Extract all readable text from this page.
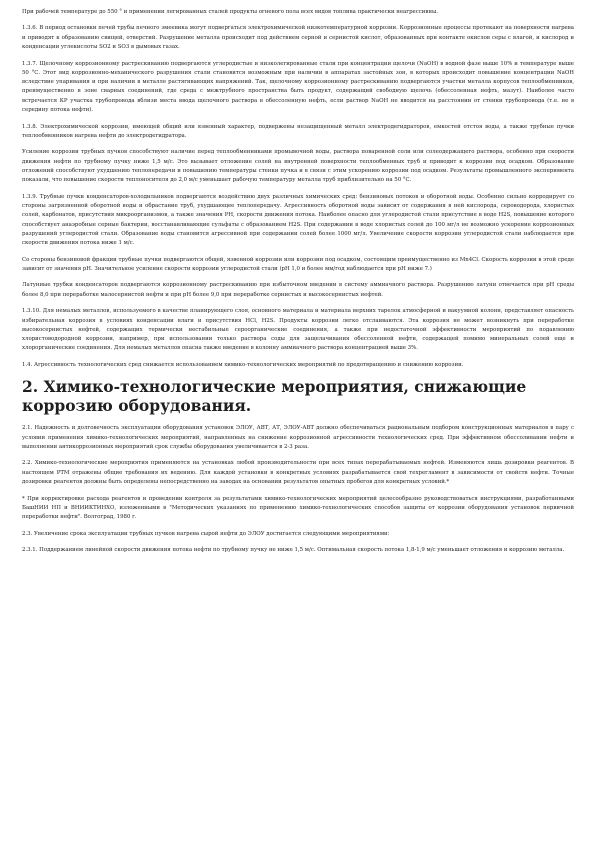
При рабочей температуре до 550 ° и применении легированных сталей продукты огневого пола всех видов топлива практически неагрессивны.

1.3.6. В период остановки печей трубы печного змеевика могут подвергаться электрохимической низкотемпературной коррозии. Коррозионные процессы протекают на поверхности нагрева и приводят к образованию свищей, отверстий. Разрушение металла происходит под действием серной и сернистой кислот, образованных при контакте окислов серы с влагой, и кислород и конденсации углекислоты SO2 и SO3 в дымовых газах.

1.3.7. Щелочному коррозионному растрескиванию подвергаются углеродистые и низколегированные стали при концентрации щелочи (NaOH) в водной фазе выше 10% и температуре выше 50 °С. Этот вид коррозионно-механического разрушения стали становится возможным при наличии в аппаратах застойных зон, в которых происходит повышение концентрации NaOH вследствие упаривания и при наличии в металле растягивающих напряжений. Так, щелочному коррозионному растрескиванию подвергаются участки металла корпусов теплообменников, преимущественно в зоне сварных соединений, где среда с межтрубного пространства быть продукт, содержащий свободную щелочь (обессоленная нефть, мазут). Наиболее часто встречается КР участка трубопровода вблизи места ввода щелочного раствора в обессоленную нефть, если раствор NaOH не вводится на расстоянии от стенки трубопровода (т.е. не в середину потока нефти).

1.3.8. Электрохимической коррозии, имеющей общий или язвенный характер, подвержены незащищенный металл электродегидраторов, емкостей отстоя воды, а также трубные пучки теплообменников нагрева нефти до электродегидратора.

Усиление коррозии трубных пучков способствуют наличие перед теплообменниками промывочной воды, раствора поваренной соли или солеодержащего раствора, особенно при скорости движения нефти по трубному пучку ниже 1,5 м/с. Это вызывает отложение солей на внутренней поверхности теплообменных труб и приводит к коррозии под осадком. Образование отложений способствуют ухудшению теплопередачи и повышению температуры стенки пучка и в связи с этим ускорению коррозии под осадком. Результаты промышленного эксперимента показали, что повышение скорости теплоносителя до 2,0 м/с уменьшает рабочую температуру металла труб приблизительно на 50 °С.

1.3.9. Трубные пучки конденсаторов-холодильников подвергаются воздействию двух различных химических сред: бензиновых потоков и оборотной воды. Особенно сильно корродирует со стороны загрязненной оборотной воды и обрастание труб, ухудшающее теплопередачу. Агрессивность оборотной воды зависит от содержания в ней кислорода, сероводорода, хлористых солей, карбонатов, присутствия микроорганизмов, а также значения РН, скорости движения потока. Наиболее опасно для углеродистой стали присутствие в воде H2S, повышение которого способствует анаэробные серные бактерии, восстанавливающие сульфаты с образованием H2S. При содержании в воде хлористых солей до 100 мг/л не возможно ускорение коррозионных разрушений углеродистой стали. Образование воды становится агрессивной при содержании солей более 1000 мг/л. Увеличение скорости коррозии углеродистой стали наблюдается при скорости движения потока ниже 1 м/с.

Со стороны бензиновой фракции трубные пучки подвергаются общей, язвенной коррозии или коррозии под осадком, состоящим преимущественно из Mn4Cl. Скорость коррозии в этой среде зависит от значения pH. Значительное усиление скорости коррозии углеродистой стали (pH 1,0 и более мм/год наблюдается при pH ниже 7.)

Латунные трубки конденсаторов подвергаются коррозионному растрескиванию при избыточном введении в систему аммиачного раствора. Разрушению латуни отвечается при pH среды более 8,0 при переработке малосернистой нефти и при pH более 9,0 при переработке сернистых и высокосернистых нефтей.

1.3.10. Для немалых металлов, используемого в качестве планирующего слоя, основного материала и материала верхних тарелок атмосферной и вакуумной колонн, представляет опасность избирательная коррозия в условиях конденсации влаги и присутствия HCl, H2S. Продукты коррозии легко отслаиваются. Эта коррозия не может возникнуть при переработке высокосернистых нефтей, содержащих термически нестабильные сероорганические соединения, а также при недостаточной эффективности мероприятий по подавлению хлористоводородной коррозии, например, при использовании только раствора соды для защелачивания обессоленной нефти, содержащей помимо минеральных солей еще и хлорорганические соединения. Для немалых металлов опасна также введение в колонну аммиачного раствора концентрацией выше 3%.

1.4. Агрессивность технологических сред снижается использованием химико-технологических мероприятий по предотвращению и снижению коррозии.

2. Химико-технологические мероприятия, снижающие коррозию оборудования.

2.1. Надежность и долговечность эксплуатации оборудования установок ЭЛОУ, АВТ, АТ, ЭЛОУ-АВТ должно обеспечиваться рациональным подбором конструкционных материалов в пару с условии применения химико-технологических мероприятий, направленных на снижение коррозионной агрессивности технологических сред. При эффективном обессоливании нефти и выполнении антикоррозионных мероприятий срок службы оборудования увеличивается в 2-3 раза.

2.2. Химико-технологические мероприятия применяются на установках любой производительности при всех типах перерабатываемых нефтей. Изменяются лишь дозировки реагентов. В настоящем РТМ отражены общие требования их ведению. Для каждой установки в конкретных условиях разрабатывается свой техрегламент в зависимости от свойств нефти. Точные дозировки реагентов должны быть определены непосредственно на заводах на основании результатов опытных пробегов для конкретных условий.*

* При корректировке расхода реагентов и проведении контроля за результатами химико-технологических мероприятий целесообразно руководствоваться инструкциями, разработанными БашНИИ НП и ВНИИКТИНХО, изложенными в "Методических указаниях по применению химико-технологических способов защиты от коррозии оборудования установок первичной переработки нефти". Волгоград, 1980 г.

2.3. Увеличение срока эксплуатации трубных пучков нагрева сырой нефти до ЭЛОУ достигается следующими мероприятиями:

2.3.1. Поддержанием линейной скорости движения потока нефти по трубному пучку не ниже 1,5 м/с. Оптимальная скорость потока 1,8-1,9 м/с уменьшает отложения и коррозию металла.
